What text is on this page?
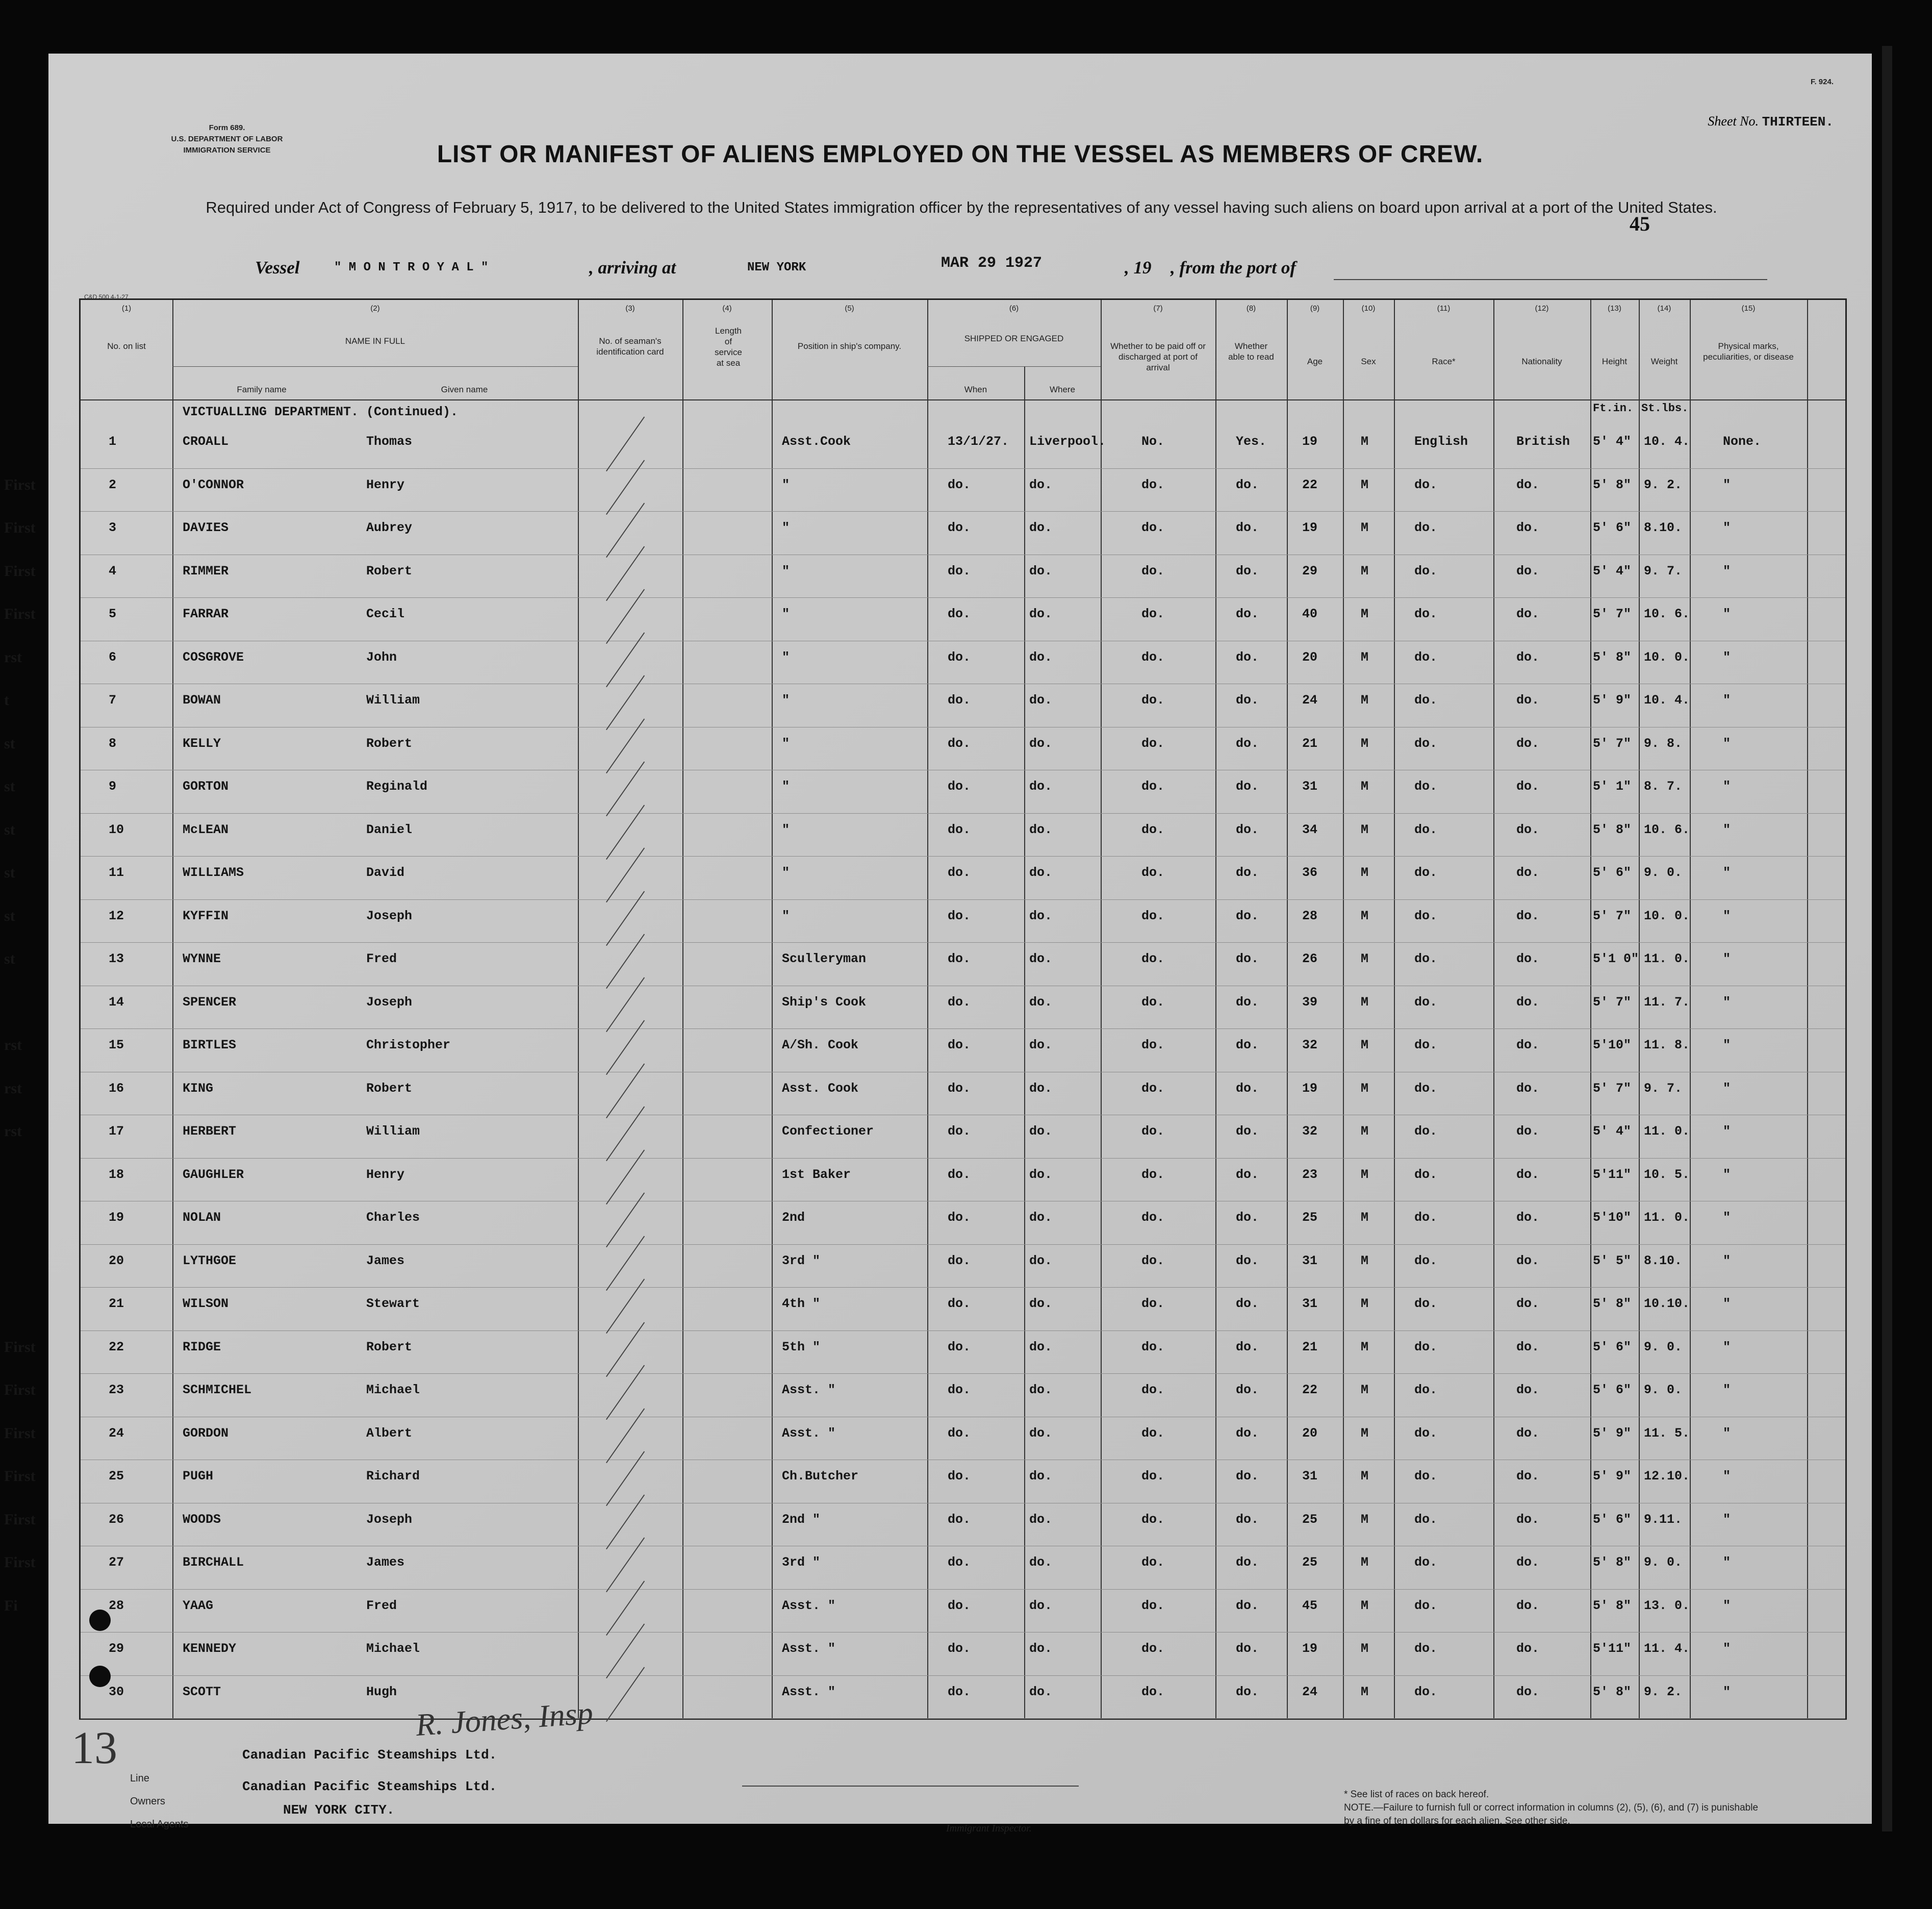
Form 689.
U.S. DEPARTMENT OF LABOR
IMMIGRATION SERVICE
F. 924.
Sheet No. THIRTEEN.
LIST OR MANIFEST OF ALIENS EMPLOYED ON THE VESSEL AS MEMBERS OF CREW.
Required under Act of Congress of February 5, 1917, to be delivered to the United States immigration officer by the representatives of any vessel having such aliens on board upon arrival at a port of the United States.
45
Vessel	" M O N T R O Y A L "	, arriving at	NEW YORK	MAR 29 1927	, 19 , from the port of
C&D 500 4-1-27
(1)
No. on list
(2)
NAME IN FULL
Family name	Given name
(3)
No. of seaman's identification card
(4)
Length of service at sea
(5)
Position in ship's company.
(6)
SHIPPED OR ENGAGED
When	Where
(7)
Whether to be paid off or discharged at port of arrival
(8)
Whether able to read
(9)
Age
(10)
Sex
(11)
Race*
(12)
Nationality
(13)
Height
(14)
Weight
(15)
Physical marks, peculiarities, or disease
VICTUALLING DEPARTMENT. (Continued).	Ft.in. St.lbs.
1	CROALL	Thomas	Asst.Cook	13/1/27. Liverpool.	No.	Yes.	19	M	English	British 5' 4" 10. 4.	None.
2	O'CONNOR	Henry	"	do.	do.	do.	do.	22	M	do.	do.	5' 8" 9. 2.	"
First
3	DAVIES	Aubrey	"	do.	do.	do.	do.	19	M	do.	do.	5' 6" 8.10.	"
First
4	RIMMER	Robert	"	do.	do.	do.	do.	29	M	do.	do.	5' 4" 9. 7.	"
First
5	FARRAR	Cecil	"	do.	do.	do.	do.	40	M	do.	do.	5' 7" 10. 6.	"
First
6	COSGROVE	John	"	do.	do.	do.	do.	20	M	do.	do.	5' 8" 10. 0.	"
rst
7	BOWAN	William	"	do.	do.	do.	do.	24	M	do.	do.	5' 9" 10. 4.	"
t
8	KELLY	Robert	"	do.	do.	do.	do.	21	M	do.	do.	5' 7" 9. 8.	"
st
9	GORTON	Reginald	"	do.	do.	do.	do.	31	M	do.	do.	5' 1" 8. 7.	"
st
10	McLEAN	Daniel	"	do.	do.	do.	do.	34	M	do.	do.	5' 8" 10. 6.	"
st
11	WILLIAMS	David	"	do.	do.	do.	do.	36	M	do.	do.	5' 6" 9. 0.	"
st
12	KYFFIN	Joseph	"	do.	do.	do.	do.	28	M	do.	do.	5' 7" 10. 0.	"
st
13	WYNNE	Fred	Sculleryman	do.	do.	do.	do.	26	M	do.	do.	5'1 0" 11. 0.	"
st
14	SPENCER	Joseph	Ship's Cook	do.	do.	do.	do.	39	M	do.	do.	5' 7" 11. 7.	"
15	BIRTLES	Christopher	A/Sh. Cook	do.	do.	do.	do.	32	M	do.	do.	5'10" 11. 8.	"
rst
16	KING	Robert	Asst. Cook	do.	do.	do.	do.	19	M	do.	do.	5' 7" 9. 7.	"
rst
17	HERBERT	William	Confectioner	do.	do.	do.	do.	32	M	do.	do.	5' 4" 11. 0.	"
rst
18	GAUGHLER	Henry	1st Baker	do.	do.	do.	do.	23	M	do.	do.	5'11" 10. 5.	"
19	NOLAN	Charles	2nd	do.	do.	do.	do.	25	M	do.	do.	5'10" 11. 0.	"
20	LYTHGOE	James	3rd "	do.	do.	do.	do.	31	M	do.	do.	5' 5" 8.10.	"
21	WILSON	Stewart	4th "	do.	do.	do.	do.	31	M	do.	do.	5' 8" 10.10.	"
22	RIDGE	Robert	5th "	do.	do.	do.	do.	21	M	do.	do.	5' 6" 9. 0.	"
First
23	SCHMICHEL	Michael	Asst. "	do.	do.	do.	do.	22	M	do.	do.	5' 6" 9. 0.	"
First
24	GORDON	Albert	Asst. "	do.	do.	do.	do.	20	M	do.	do.	5' 9" 11. 5.	"
First
25	PUGH	Richard	Ch.Butcher	do.	do.	do.	do.	31	M	do.	do.	5' 9" 12.10.	"
First
26	WOODS	Joseph	2nd "	do.	do.	do.	do.	25	M	do.	do.	5' 6" 9.11.	"
First
27	BIRCHALL	James	3rd "	do.	do.	do.	do.	25	M	do.	do.	5' 8" 9. 0.	"
First
28	YAAG	Fred	Asst. "	do.	do.	do.	do.	45	M	do.	do.	5' 8" 13. 0.	"
Fi
29	KENNEDY	Michael	Asst. "	do.	do.	do.	do.	19	M	do.	do.	5'11" 11. 4.	"
30	SCOTT	Hugh	Asst. "	do.	do.	do.	do.	24	M	do.	do.	5' 8" 9. 2.	"
R. Jones, Insp
13
Line
Canadian Pacific Steamships Ltd.
Owners
Canadian Pacific Steamships Ltd.
Local Agents
NEW YORK CITY.
Immigrant Inspector.
* See list of races on back hereof.
NOTE.—Failure to furnish full or correct information in columns (2), (5), (6), and (7) is punishable by a fine of ten dollars for each alien. See other side.
